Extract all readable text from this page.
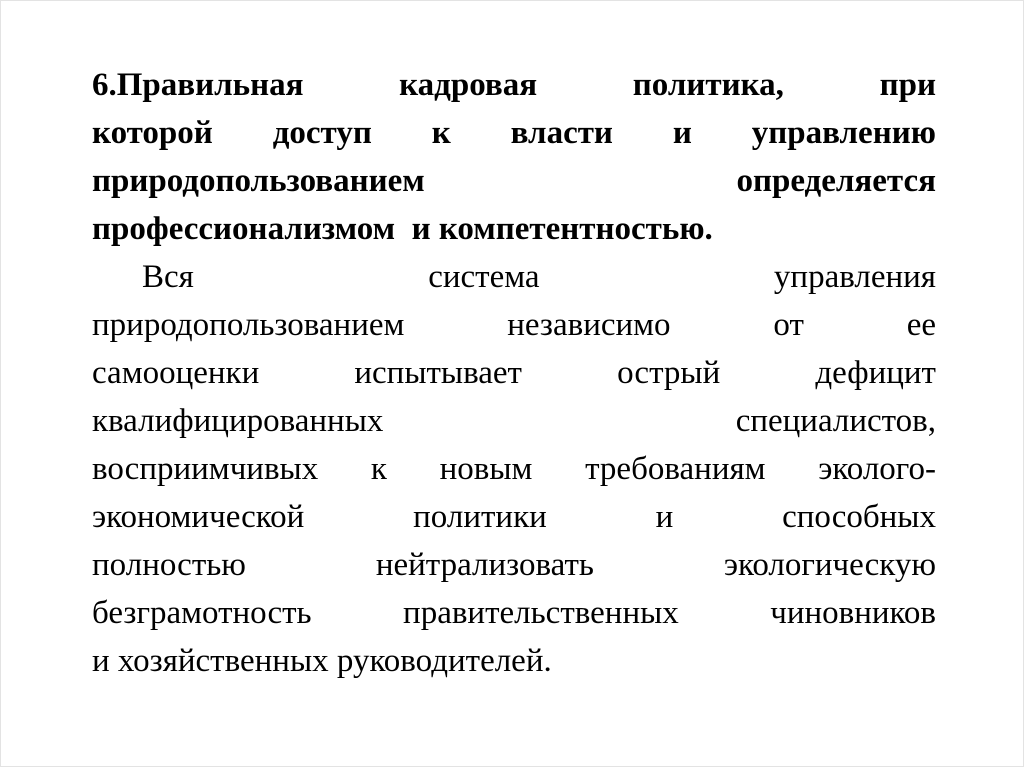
6.Правильная	кадровая	политика,	при
которой доступ к власти и управлению
природопользованием	определяется
профессионализмом  и компетентностью.
Вся	система	управления
природопользованием	независимо	от	ее
самооценки	испытывает	острый	дефицит
квалифицированных	специалистов,
восприимчивых к новым требованиям эколого-
экономической	политики	и	способных
полностью	нейтрализовать	экологическую
безграмотность	правительственных	чиновников
и хозяйственных руководителей.
